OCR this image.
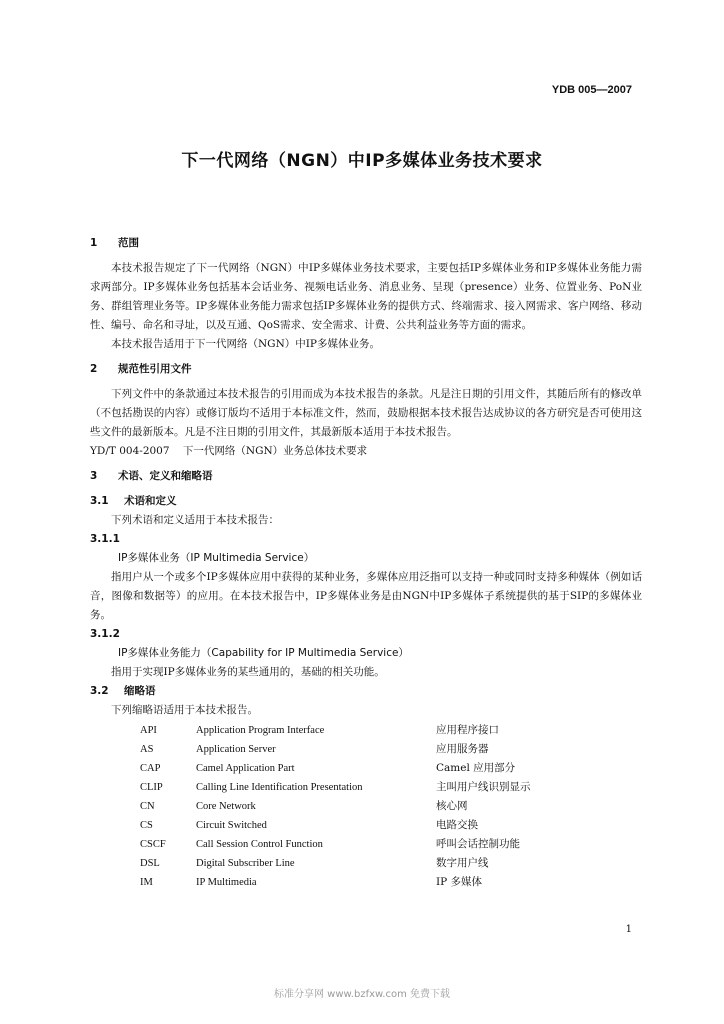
YDB 005—2007
下一代网络（NGN）中IP多媒体业务技术要求
1 范围

本技术报告规定了下一代网络（NGN）中IP多媒体业务技术要求，主要包括IP多媒体业务和IP多媒体业务能力需求两部分。IP多媒体业务包括基本会话业务、视频电话业务、消息业务、呈现（presence）业务、位置业务、PoN业务、群组管理业务等。IP多媒体业务能力需求包括IP多媒体业务的提供方式、终端需求、接入网需求、客户网络、移动性、编号、命名和寻址，以及互通、QoS需求、安全需求、计费、公共利益业务等方面的需求。

本技术报告适用于下一代网络（NGN）中IP多媒体业务。

2 规范性引用文件

下列文件中的条款通过本技术报告的引用而成为本技术报告的条款。凡是注日期的引用文件，其随后所有的修改单（不包括勘误的内容）或修订版均不适用于本标准文件，然而，鼓励根据本技术报告达成协议的各方研究是否可使用这些文件的最新版本。凡是不注日期的引用文件，其最新版本适用于本技术报告。

YD/T 004-2007    下一代网络（NGN）业务总体技术要求

3 术语、定义和缩略语
3.1 术语和定义

下列术语和定义适用于本技术报告：

3.1.1
IP多媒体业务（IP Multimedia Service）

指用户从一个或多个IP多媒体应用中获得的某种业务，多媒体应用泛指可以支持一种或同时支持多种媒体（例如话音，图像和数据等）的应用。在本技术报告中，IP多媒体业务是由NGN中IP多媒体子系统提供的基于SIP的多媒体业务。

3.1.2
IP多媒体业务能力（Capability for IP Multimedia Service）

指用于实现IP多媒体业务的某些通用的，基础的相关功能。

3.2 缩略语

下列缩略语适用于本技术报告。

API	Application Program Interface	应用程序接口
AS	Application Server	应用服务器
CAP	Camel Application Part	Camel 应用部分
CLIP	Calling Line Identification Presentation	主叫用户线识别显示
CN	Core Network	核心网
CS	Circuit Switched	电路交换
CSCF	Call Session Control Function	呼叫会话控制功能
DSL	Digital Subscriber Line	数字用户线
IM	IP Multimedia	IP 多媒体
1
标准分享网 www.bzfxw.com 免费下载
